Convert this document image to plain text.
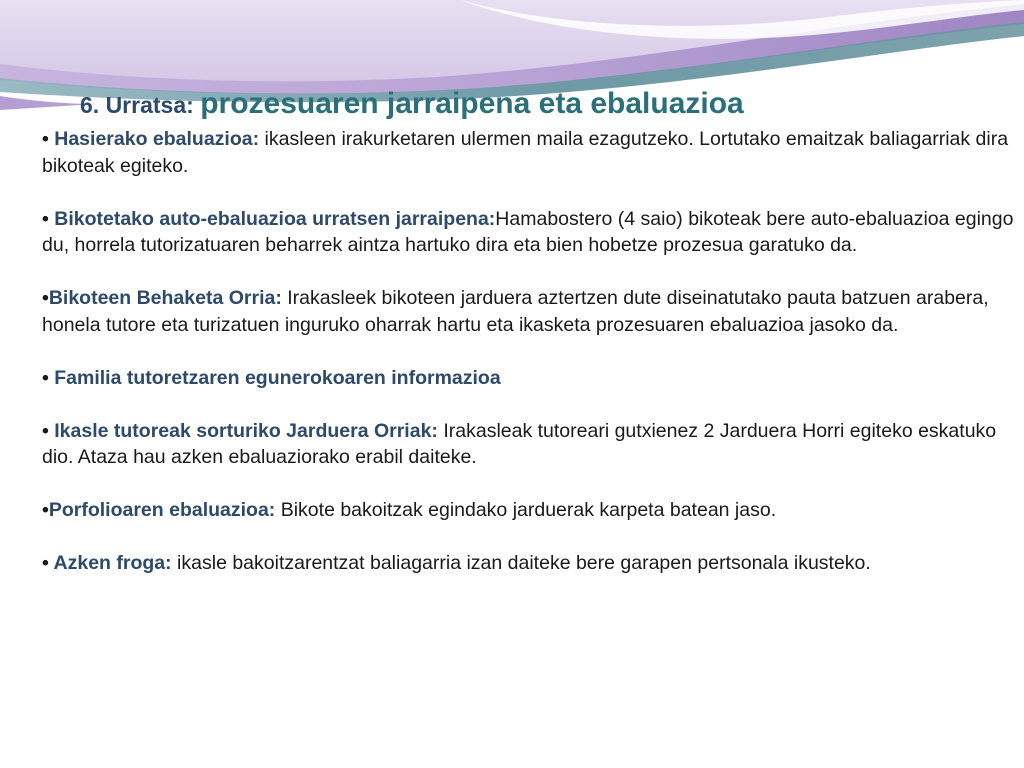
6. Urratsa: prozesuaren jarraipena eta ebaluazioa

• Hasierako ebaluazioa: ikasleen irakurketaren ulermen maila ezagutzeko. Lortutako emaitzak baliagarriak dira bikoteak egiteko.

• Bikotetako auto-ebaluazioa urratsen jarraipena:Hamabostero (4 saio) bikoteak bere auto-ebaluazioa egingo du, horrela tutorizatuaren beharrek aintza hartuko dira eta bien hobetze prozesua garatuko da.

•Bikoteen Behaketa Orria: Irakasleek bikoteen jarduera aztertzen dute diseinatutako pauta batzuen arabera, honela tutore eta turizatuen inguruko oharrak hartu eta ikasketa prozesuaren ebaluazioa jasoko da.

• Familia tutoretzaren egunerokoaren informazioa

• Ikasle tutoreak sorturiko Jarduera Orriak: Irakasleak tutoreari gutxienez 2 Jarduera Horri egiteko eskatuko dio. Ataza hau azken ebaluaziorako erabil daiteke.

•Porfolioaren ebaluazioa: Bikote bakoitzak egindako jarduerak karpeta batean jaso.

• Azken froga: ikasle bakoitzarentzat baliagarria izan daiteke bere garapen pertsonala ikusteko.
